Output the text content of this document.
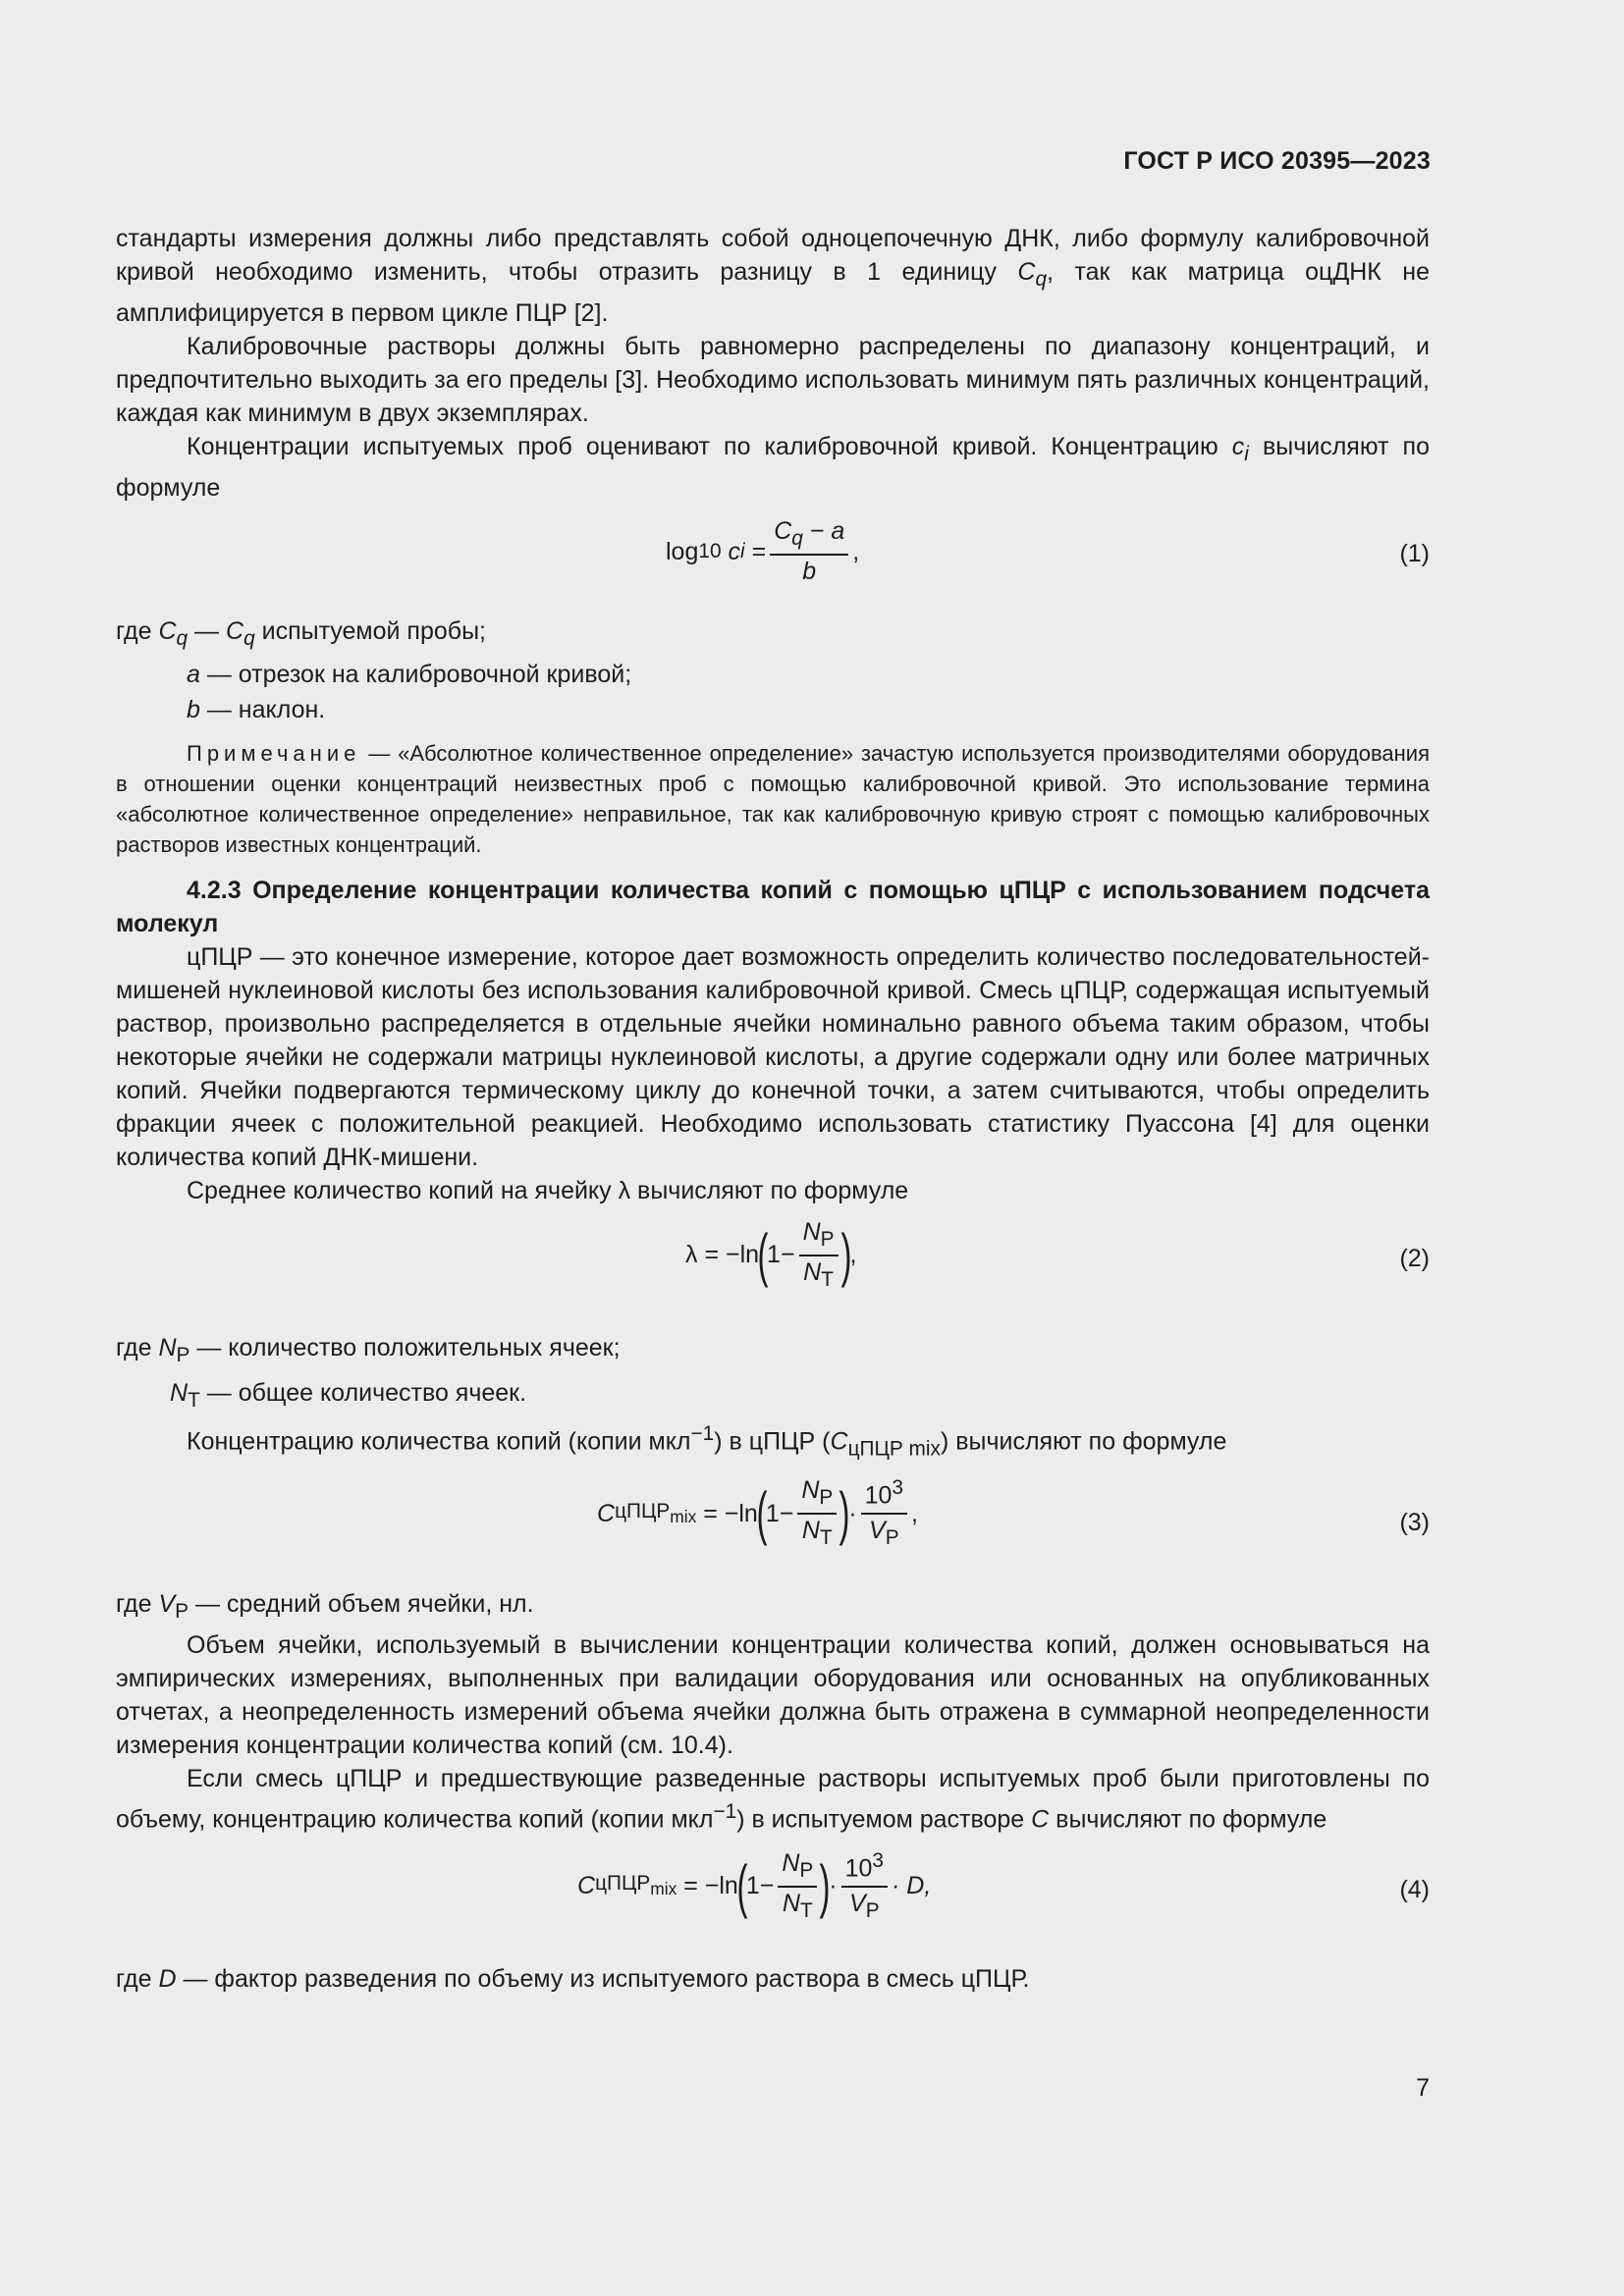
ГОСТ Р ИСО 20395—2023

стандарты измерения должны либо представлять собой одноцепочечную ДНК, либо формулу калибровочной кривой необходимо изменить, чтобы отразить разницу в 1 единицу $C_q$, так как матрица оцДНК не амплифицируется в первом цикле ПЦР [2].

Калибровочные растворы должны быть равномерно распределены по диапазону концентраций, и предпочтительно выходить за его пределы [3]. Необходимо использовать минимум пять различных концентраций, каждая как минимум в двух экземплярах.

Концентрации испытуемых проб оценивают по калибровочной кривой. Концентрацию $c_i$ вычисляют по формуле

log 10
c i
= $\frac{C_q - a}{b}$ ,	(1)
где $C_q$ — $C_q$ испытуемой пробы;
a — отрезок на калибровочной кривой;
b — наклон.

Примечание — «Абсолютное количественное определение» зачастую используется производителями оборудования в отношении оценки концентраций неизвестных проб с помощью калибровочной кривой. Это использование термина «абсолютное количественное определение» неправильное, так как калибровочную кривую строят с помощью калибровочных растворов известных концентраций.

4.2.3 Определение концентрации количества копий с помощью цПЦР с использованием подсчета молекул

цПЦР — это конечное измерение, которое дает возможность определить количество последовательностей-мишеней нуклеиновой кислоты без использования калибровочной кривой. Смесь цПЦР, содержащая испытуемый раствор, произвольно распределяется в отдельные ячейки номинально равного объема таким образом, чтобы некоторые ячейки не содержали матрицы нуклеиновой кислоты, а другие содержали одну или более матричных копий. Ячейки подвергаются термическому циклу до конечной точки, а затем считываются, чтобы определить фракции ячеек с положительной реакцией. Необходимо использовать статистику Пуассона [4] для оценки количества копий ДНК-мишени.

Среднее количество копий на ячейку λ вычисляют по формуле

λ = −ln
(
$1- \frac{N_P}{N_T}$ )
,	(2)
где $N_P$ — количество положительных ячеек;
$N_T$ — общее количество ячеек.

Концентрацию количества копий (копии мкл$^{-1}$) в цПЦР $(C_{цПЦР mix})$ вычисляют по формуле

C цПЦР$_{mix}$
= −ln
(
$1- \frac{N_P}{N_T}$ )
· $\frac{10^3}{V_P}$ ,	(3)
где $V_P$ — средний объем ячейки, нл.

Объем ячейки, используемый в вычислении концентрации количества копий, должен основываться на эмпирических измерениях, выполненных при валидации оборудования или основанных на опубликованных отчетах, а неопределенность измерений объема ячейки должна быть отражена в суммарной неопределенности измерения концентрации количества копий (см. 10.4).

Если смесь цПЦР и предшествующие разведенные растворы испытуемых проб были приготовлены по объему, концентрацию количества копий (копии мкл$^{-1}$) в испытуемом растворе C вычисляют по формуле

C цПЦР$_{mix}$
= −ln
(
$1- \frac{N_P}{N_T}$ )
· $\frac{10^3}{V_P} \cdot D$,	(4)
где D — фактор разведения по объему из испытуемого раствора в смесь цПЦР.
7
